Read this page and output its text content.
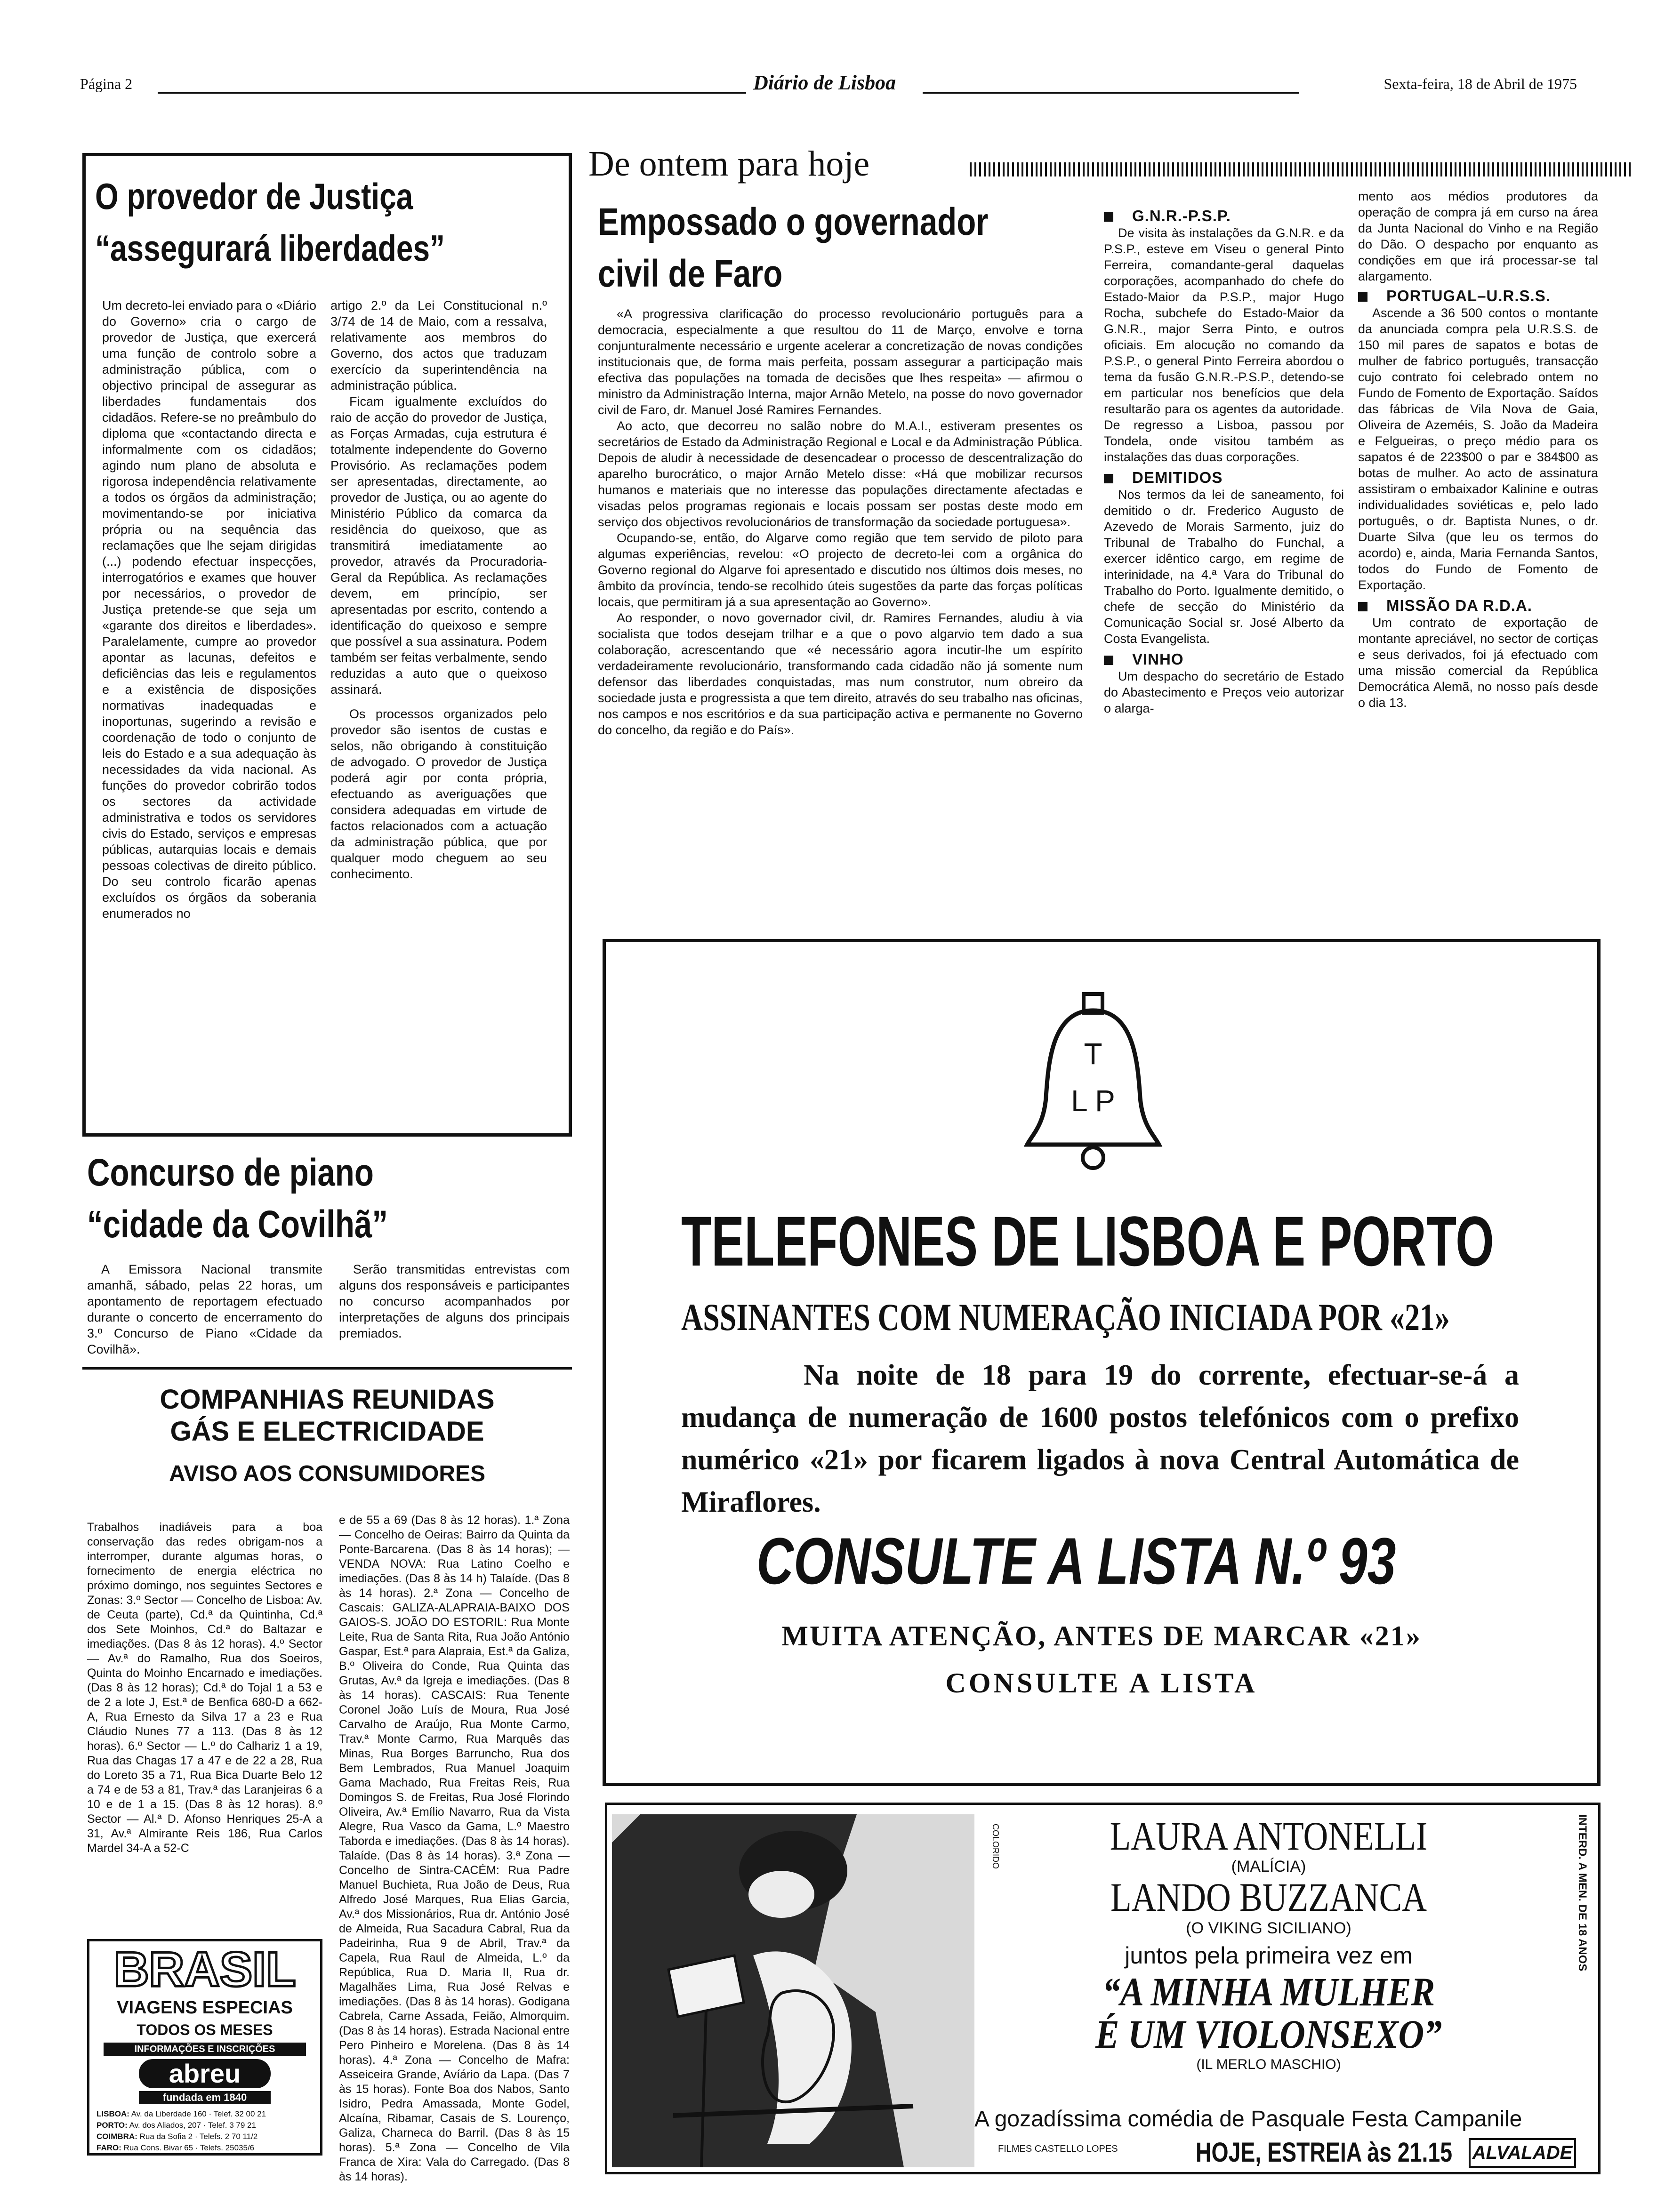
Página 2	Diário de Lisboa	Sexta-feira, 18 de Abril de 1975
O provedor de Justiça
“assegurará liberdades”
Um decreto-lei enviado para o «Diário do Governo» cria o cargo de provedor de Justiça, que exercerá uma função de controlo sobre a administração pública, com o objectivo principal de assegurar as liberdades fundamentais dos cidadãos. Refere-se no preâmbulo do diploma que «contactando directa e informalmente com os cidadãos; agindo num plano de absoluta e rigorosa independência relativamente a todos os órgãos da administração; movimentando-se por iniciativa própria ou na sequência das reclamações que lhe sejam dirigidas (...) podendo efectuar inspecções, interrogatórios e exames que houver por necessários, o provedor de Justiça pretende-se que seja um «garante dos direitos e liberdades». Paralelamente, cumpre ao provedor apontar as lacunas, defeitos e deficiências das leis e regulamentos e a existência de disposições normativas inadequadas e inoportunas, sugerindo a revisão e coordenação de todo o conjunto de leis do Estado e a sua adequação às necessidades da vida nacional. As funções do provedor cobrirão todos os sectores da actividade administrativa e todos os servidores civis do Estado, serviços e empresas públicas, autarquias locais e demais pessoas colectivas de direito público. Do seu controlo ficarão apenas excluídos os órgãos da soberania enumerados no
artigo 2.º da Lei Constitucional n.º 3/74 de 14 de Maio, com a ressalva, relativamente aos membros do Governo, dos actos que traduzam exercício da superintendência na administração pública.
Ficam igualmente excluídos do raio de acção do provedor de Justiça, as Forças Armadas, cuja estrutura é totalmente independente do Governo Provisório. As reclamações podem ser apresentadas, directamente, ao provedor de Justiça, ou ao agente do Ministério Público da comarca da residência do queixoso, que as transmitirá imediatamente ao provedor, através da Procuradoria-Geral da República. As reclamações devem, em princípio, ser apresentadas por escrito, contendo a identificação do queixoso e sempre que possível a sua assinatura. Podem também ser feitas verbalmente, sendo reduzidas a auto que o queixoso assinará.
Os processos organizados pelo provedor são isentos de custas e selos, não obrigando à constituição de advogado. O provedor de Justiça poderá agir por conta própria, efectuando as averiguações que considera adequadas em virtude de factos relacionados com a actuação da administração pública, que por qualquer modo cheguem ao seu conhecimento.
De ontem para hoje
Empossado o governador
civil de Faro
«A progressiva clarificação do processo revolucionário português para a democracia, especialmente a que resultou do 11 de Março, envolve e torna conjunturalmente necessário e urgente acelerar a concretização de novas condições institucionais que, de forma mais perfeita, possam assegurar a participação mais efectiva das populações na tomada de decisões que lhes respeita» — afirmou o ministro da Administração Interna, major Arnão Metelo, na posse do novo governador civil de Faro, dr. Manuel José Ramires Fernandes.
Ao acto, que decorreu no salão nobre do M.A.I., estiveram presentes os secretários de Estado da Administração Regional e Local e da Administração Pública. Depois de aludir à necessidade de desencadear o processo de descentralização do aparelho burocrático, o major Arnão Metelo disse: «Há que mobilizar recursos humanos e materiais que no interesse das populações directamente afectadas e visadas pelos programas regionais e locais possam ser postas deste modo em serviço dos objectivos revolucionários de transformação da sociedade portuguesa».
Ocupando-se, então, do Algarve como região que tem servido de piloto para algumas experiências, revelou: «O projecto de decreto-lei com a orgânica do Governo regional do Algarve foi apresentado e discutido nos últimos dois meses, no âmbito da província, tendo-se recolhido úteis sugestões da parte das forças políticas locais, que permitiram já a sua apresentação ao Governo».
Ao responder, o novo governador civil, dr. Ramires Fernandes, aludiu à via socialista que todos desejam trilhar e a que o povo algarvio tem dado a sua colaboração, acrescentando que «é necessário agora incutir-lhe um espírito verdadeiramente revolucionário, transformando cada cidadão não já somente num defensor das liberdades conquistadas, mas num construtor, num obreiro da sociedade justa e progressista a que tem direito, através do seu trabalho nas oficinas, nos campos e nos escritórios e da sua participação activa e permanente no Governo do concelho, da região e do País».
G.N.R.-P.S.P.
De visita às instalações da G.N.R. e da P.S.P., esteve em Viseu o general Pinto Ferreira, comandante-geral daquelas corporações, acompanhado do chefe do Estado-Maior da P.S.P., major Hugo Rocha, subchefe do Estado-Maior da G.N.R., major Serra Pinto, e outros oficiais. Em alocução no comando da P.S.P., o general Pinto Ferreira abordou o tema da fusão G.N.R.-P.S.P., detendo-se em particular nos benefícios que dela resultarão para os agentes da autoridade. De regresso a Lisboa, passou por Tondela, onde visitou também as instalações das duas corporações.
DEMITIDOS
Nos termos da lei de saneamento, foi demitido o dr. Frederico Augusto de Azevedo de Morais Sarmento, juiz do Tribunal de Trabalho do Funchal, a exercer idêntico cargo, em regime de interinidade, na 4.ª Vara do Tribunal do Trabalho do Porto. Igualmente demitido, o chefe de secção do Ministério da Comunicação Social sr. José Alberto da Costa Evangelista.
VINHO
Um despacho do secretário de Estado do Abastecimento e Preços veio autorizar o alarga-
mento aos médios produtores da operação de compra já em curso na área da Junta Nacional do Vinho e na Região do Dão. O despacho por enquanto as condições em que irá processar-se tal alargamento.
PORTUGAL–U.R.S.S.
Ascende a 36 500 contos o montante da anunciada compra pela U.R.S.S. de 150 mil pares de sapatos e botas de mulher de fabrico português, transacção cujo contrato foi celebrado ontem no Fundo de Fomento de Exportação. Saídos das fábricas de Vila Nova de Gaia, Oliveira de Azeméis, S. João da Madeira e Felgueiras, o preço médio para os sapatos é de 223$00 o par e 384$00 as botas de mulher. Ao acto de assinatura assistiram o embaixador Kalinine e outras individualidades soviéticas e, pelo lado português, o dr. Baptista Nunes, o dr. Duarte Silva (que leu os termos do acordo) e, ainda, Maria Fernanda Santos, todos do Fundo de Fomento de Exportação.
MISSÃO DA R.D.A.
Um contrato de exportação de montante apreciável, no sector de cortiças e seus derivados, foi já efectuado com uma missão comercial da República Democrática Alemã, no nosso país desde o dia 13.
Concurso de piano
“cidade da Covilhã”
A Emissora Nacional transmite amanhã, sábado, pelas 22 horas, um apontamento de reportagem efectuado durante o concerto de encerramento do 3.º Concurso de Piano «Cidade da Covilhã».
Serão transmitidas entrevistas com alguns dos responsáveis e participantes no concurso acompanhados por interpretações de alguns dos principais premiados.
COMPANHIAS REUNIDAS
GÁS E ELECTRICIDADE
AVISO AOS CONSUMIDORES
Trabalhos inadiáveis para a boa conservação das redes obrigam-nos a interromper, durante algumas horas, o fornecimento de energia eléctrica no próximo domingo, nos seguintes Sectores e Zonas: 3.º Sector — Concelho de Lisboa: Av. de Ceuta (parte), Cd.ª da Quintinha, Cd.ª dos Sete Moinhos, Cd.ª do Baltazar e imediações. (Das 8 às 12 horas). 4.º Sector — Av.ª do Ramalho, Rua dos Soeiros, Quinta do Moinho Encarnado e imediações. (Das 8 às 12 horas); Cd.ª do Tojal 1 a 53 e de 2 a lote J, Est.ª de Benfica 680-D a 662-A, Rua Ernesto da Silva 17 a 23 e Rua Cláudio Nunes 77 a 113. (Das 8 às 12 horas). 6.º Sector — L.º do Calhariz 1 a 19, Rua das Chagas 17 a 47 e de 22 a 28, Rua do Loreto 35 a 71, Rua Bica Duarte Belo 12 a 74 e de 53 a 81, Trav.ª das Laranjeiras 6 a 10 e de 1 a 15. (Das 8 às 12 horas). 8.º Sector — Al.ª D. Afonso Henriques 25-A a 31, Av.ª Almirante Reis 186, Rua Carlos Mardel 34-A a 52-C
e de 55 a 69 (Das 8 às 12 horas). 1.ª Zona — Concelho de Oeiras: Bairro da Quinta da Ponte-Barcarena. (Das 8 às 14 horas); — VENDA NOVA: Rua Latino Coelho e imediações. (Das 8 às 14 h) Talaíde. (Das 8 às 14 horas). 2.ª Zona — Concelho de Cascais: GALIZA-ALAPRAIA-BAIXO DOS GAIOS-S. JOÃO DO ESTORIL: Rua Monte Leite, Rua de Santa Rita, Rua João António Gaspar, Est.ª para Alapraia, Est.ª da Galiza, B.º Oliveira do Conde, Rua Quinta das Grutas, Av.ª da Igreja e imediações. (Das 8 às 14 horas). CASCAIS: Rua Tenente Coronel João Luís de Moura, Rua José Carvalho de Araújo, Rua Monte Carmo, Trav.ª Monte Carmo, Rua Marquês das Minas, Rua Borges Barruncho, Rua dos Bem Lembrados, Rua Manuel Joaquim Gama Machado, Rua Freitas Reis, Rua Domingos S. de Freitas, Rua José Florindo Oliveira, Av.ª Emílio Navarro, Rua da Vista Alegre, Rua Vasco da Gama, L.º Maestro Taborda e imediações. (Das 8 às 14 horas). Talaíde. (Das 8 às 14 horas). 3.ª Zona — Concelho de Sintra-CACÉM: Rua Padre Manuel Buchieta, Rua João de Deus, Rua Alfredo José Marques, Rua Elias Garcia, Av.ª dos Missionários, Rua dr. António José de Almeida, Rua Sacadura Cabral, Rua da Padeirinha, Rua 9 de Abril, Trav.ª da Capela, Rua Raul de Almeida, L.º da República, Rua D. Maria II, Rua dr. Magalhães Lima, Rua José Relvas e imediações. (Das 8 às 14 horas). Godigana Cabrela, Carne Assada, Feião, Almorquim. (Das 8 às 14 horas). Estrada Nacional entre Pero Pinheiro e Morelena. (Das 8 às 14 horas). 4.ª Zona — Concelho de Mafra: Asseiceira Grande, Avíário da Lapa. (Das 7 às 15 horas). Fonte Boa dos Nabos, Santo Isidro, Pedra Amassada, Monte Godel, Alcaína, Ribamar, Casais de S. Lourenço, Galiza, Charneca do Barril. (Das 8 às 15 horas). 5.ª Zona — Concelho de Vila Franca de Xira: Vala do Carregado. (Das 8 às 14 horas).
BRASIL
VIAGENS ESPECIAS
TODOS OS MESES
INFORMAÇÕES E INSCRIÇÕES
abreu
fundada em 1840
LISBOA: Av. da Liberdade 160 · Telef. 32 00 21
PORTO: Av. dos Aliados, 207 · Telef. 3 79 21
COIMBRA: Rua da Sofia 2 · Telefs. 2 70 11/2
FARO: Rua Cons. Bivar 65 · Telefs. 25035/6
T
L P
TELEFONES DE LISBOA E PORTO
ASSINANTES COM NUMERAÇÃO INICIADA POR «21»
Na noite de 18 para 19 do corrente, efectuar-se-á a mudança de numeração de 1600 postos telefónicos com o prefixo numérico «21» por ficarem ligados à nova Central Automática de Miraflores.
CONSULTE A LISTA N.º 93
MUITA ATENÇÃO, ANTES DE MARCAR «21»
CONSULTE A LISTA
COLORIDO	LAURA ANTONELLI
(MALÍCIA)
LANDO BUZZANCA
(O VIKING SICILIANO)
juntos pela primeira vez em
“A MINHA MULHER
É UM VIOLONSEXO”
(IL MERLO MASCHIO)
A gozadíssima comédia de Pasquale Festa Campanile
FILMES CASTELLO LOPES	HOJE, ESTREIA às 21.15 ALVALADE
INTERD. A MEN. DE 18 ANOS
